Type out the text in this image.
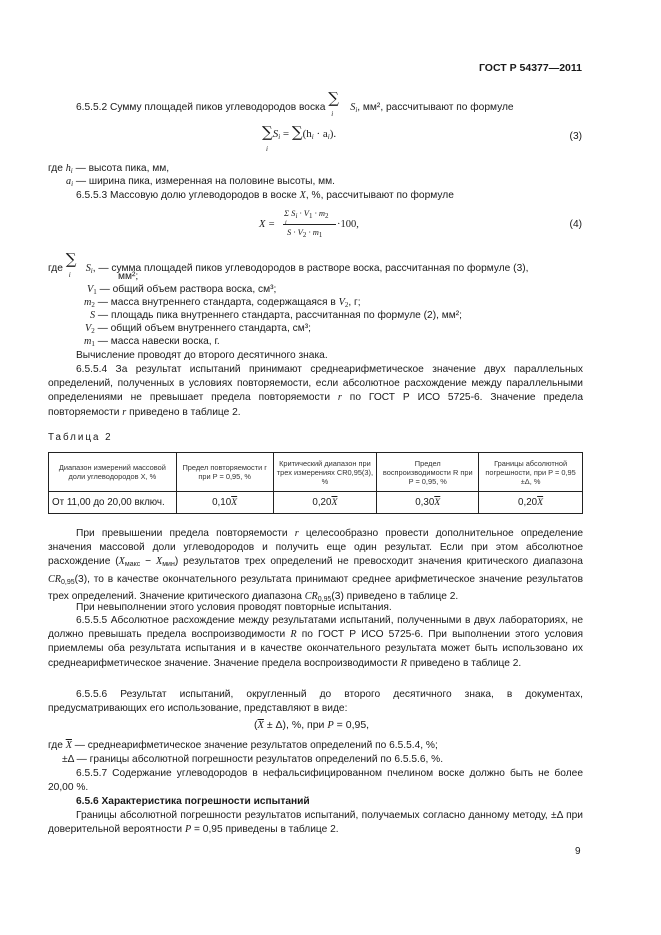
ГОСТ Р 54377—2011
6.5.5.2 Сумму площадей пиков углеводородов воска
∑
i
$S_i$, мм², рассчитывают по формуле
$\sum S_i = \sum(h_i \cdot a_i)$.
i
(3)
где $h_i$ — высота пика, мм,
$a_i$ — ширина пика, измеренная на половине высоты, мм.
6.5.5.3 Массовую долю углеводородов в воске X, %, рассчитывают по формуле
X =
Σ $S_i \cdot V_1 \cdot m_2$
i
$S \cdot V_2 \cdot m_1$
·100,	(4)
где
∑
i
$S_i$, — сумма площадей пиков углеводородов в растворе воска, рассчитанная по формуле (3),
мм²;
$V_1$ — общий объем раствора воска, см³;
$m_2$ — масса внутреннего стандарта, содержащаяся в $V_2$, г;
S — площадь пика внутреннего стандарта, рассчитанная по формуле (2), мм²;
$V_2$ — общий объем внутреннего стандарта, см³;
$m_1$ — масса навески воска, г.
Вычисление проводят до второго десятичного знака.
6.5.5.4 За результат испытаний принимают среднеарифметическое значение двух параллельных определений, полученных в условиях повторяемости, если абсолютное расхождение между параллельными определениями не превышает предела повторяемости r по ГОСТ Р ИСО 5725-6. Значение предела повторяемости r приведено в таблице 2.
Таблица 2
Диапазон измерений массовой доли углеводородов X, %	Предел повторяемости r при P = 0,95, %	Критический диапазон при трех измерениях CR0,95(3), %	Предел воспроизводимости R при P = 0,95, %	Границы абсолютной погрешности, при P = 0,95 ±Δ, %
От 11,00 до 20,00 включ.	$0,10\overline{X}$	$0,20\overline{X}$	$0,30\overline{X}$	$0,20\overline{X}$
При превышении предела повторяемости r целесообразно провести дополнительное определение значения массовой доли углеводородов и получить еще один результат. Если при этом абсолютное расхождение $(X_{макс} - X_{мин})$ результатов трех определений не превосходит значения критического диапазона $CR_{0,95}(3)$, то в качестве окончательного результата принимают среднее арифметическое значение результатов трех определений. Значение критического диапазона $CR_{0,95}(3)$ приведено в таблице 2.
При невыполнении этого условия проводят повторные испытания.
6.5.5.5 Абсолютное расхождение между результатами испытаний, полученными в двух лабораториях, не должно превышать предела воспроизводимости R по ГОСТ Р ИСО 5725-6. При выполнении этого условия приемлемы оба результата испытания и в качестве окончательного результата может быть использовано их среднеарифметическое значение. Значение предела воспроизводимости R приведено в таблице 2.
6.5.5.6 Результат испытаний, округленный до второго десятичного знака, в документах, предусматривающих его использование, представляют в виде:
$(\overline{X} \pm \Delta)$, %, при P = 0,95,
где $\overline{X}$ — среднеарифметическое значение результатов определений по 6.5.5.4, %;
±Δ — границы абсолютной погрешности результатов определений по 6.5.5.6, %.
6.5.5.7 Содержание углеводородов в нефальсифицированном пчелином воске должно быть не более 20,00 %.
6.5.6 Характеристика погрешности испытаний
Границы абсолютной погрешности результатов испытаний, получаемых согласно данному методу, ±Δ при доверительной вероятности P = 0,95 приведены в таблице 2.
9
